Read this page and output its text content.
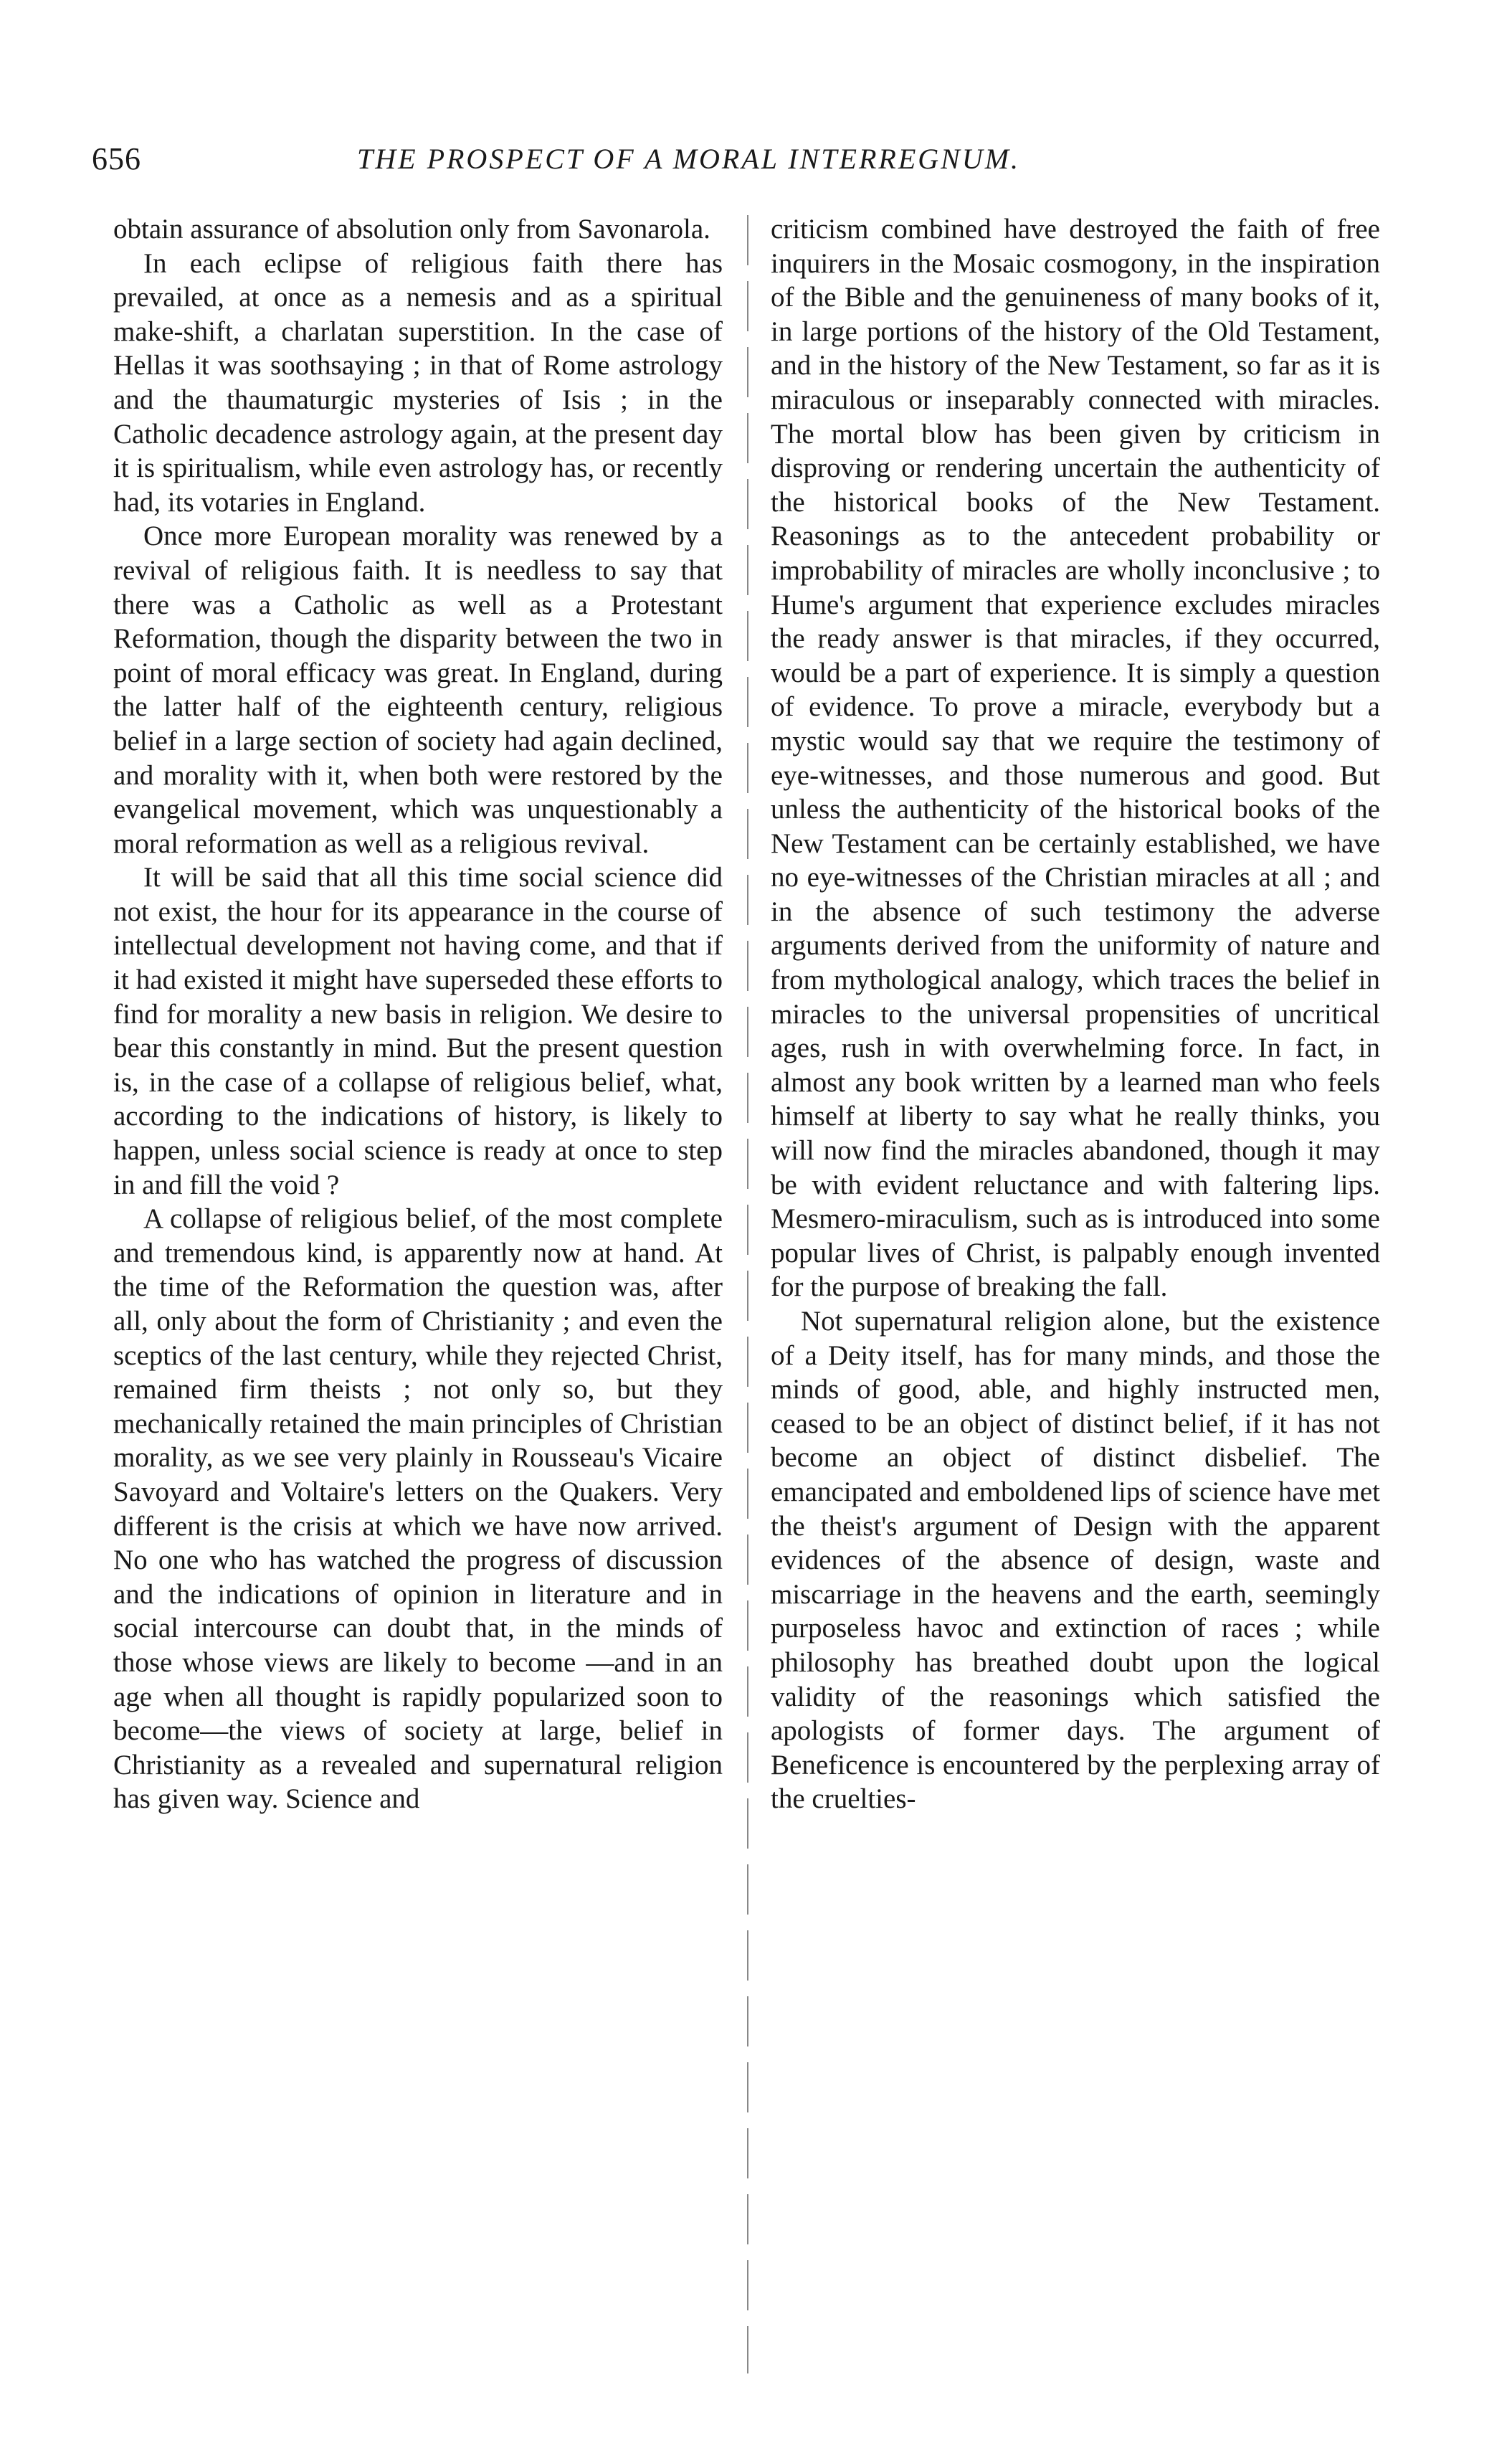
656	THE PROSPECT OF A MORAL INTERREGNUM.

obtain assurance of absolution only from Savonarola.

In each eclipse of religious faith there has prevailed, at once as a nemesis and as a spiritual make-shift, a charlatan superstition. In the case of Hellas it was soothsaying ; in that of Rome astrology and the thaumaturgic mysteries of Isis ; in the Catholic decadence astrology again, at the present day it is spiritualism, while even astrology has, or recently had, its votaries in England.

Once more European morality was renewed by a revival of religious faith. It is needless to say that there was a Catholic as well as a Protestant Reformation, though the disparity between the two in point of moral efficacy was great. In England, during the latter half of the eighteenth century, religious belief in a large section of society had again declined, and morality with it, when both were restored by the evangelical movement, which was unquestionably a moral reformation as well as a religious revival.

It will be said that all this time social science did not exist, the hour for its appearance in the course of intellectual development not having come, and that if it had existed it might have superseded these efforts to find for morality a new basis in religion. We desire to bear this constantly in mind. But the present question is, in the case of a collapse of religious belief, what, according to the indications of history, is likely to happen, unless social science is ready at once to step in and fill the void ?

A collapse of religious belief, of the most complete and tremendous kind, is apparently now at hand. At the time of the Reformation the question was, after all, only about the form of Christianity ; and even the sceptics of the last century, while they rejected Christ, remained firm theists ; not only so, but they mechanically retained the main principles of Christian morality, as we see very plainly in Rousseau's Vicaire Savoyard and Voltaire's letters on the Quakers. Very different is the crisis at which we have now arrived. No one who has watched the progress of discussion and the indications of opinion in literature and in social intercourse can doubt that, in the minds of those whose views are likely to become —and in an age when all thought is rapidly popularized soon to become—the views of society at large, belief in Christianity as a revealed and supernatural religion has given way. Science and

criticism combined have destroyed the faith of free inquirers in the Mosaic cosmogony, in the inspiration of the Bible and the genuineness of many books of it, in large portions of the history of the Old Testament, and in the history of the New Testament, so far as it is miraculous or inseparably connected with miracles. The mortal blow has been given by criticism in disproving or rendering uncertain the authenticity of the historical books of the New Testament. Reasonings as to the antecedent probability or improbability of miracles are wholly inconclusive ; to Hume's argument that experience excludes miracles the ready answer is that miracles, if they occurred, would be a part of experience. It is simply a question of evidence. To prove a miracle, everybody but a mystic would say that we require the testimony of eye-witnesses, and those numerous and good. But unless the authenticity of the historical books of the New Testament can be certainly established, we have no eye-witnesses of the Christian miracles at all ; and in the absence of such testimony the adverse arguments derived from the uniformity of nature and from mythological analogy, which traces the belief in miracles to the universal propensities of uncritical ages, rush in with overwhelming force. In fact, in almost any book written by a learned man who feels himself at liberty to say what he really thinks, you will now find the miracles abandoned, though it may be with evident reluctance and with faltering lips. Mesmero-miraculism, such as is introduced into some popular lives of Christ, is palpably enough invented for the purpose of breaking the fall.

Not supernatural religion alone, but the existence of a Deity itself, has for many minds, and those the minds of good, able, and highly instructed men, ceased to be an object of distinct belief, if it has not become an object of distinct disbelief. The emancipated and emboldened lips of science have met the theist's argument of Design with the apparent evidences of the absence of design, waste and miscarriage in the heavens and the earth, seemingly purposeless havoc and extinction of races ; while philosophy has breathed doubt upon the logical validity of the reasonings which satisfied the apologists of former days. The argument of Beneficence is encountered by the perplexing array of the cruelties-
